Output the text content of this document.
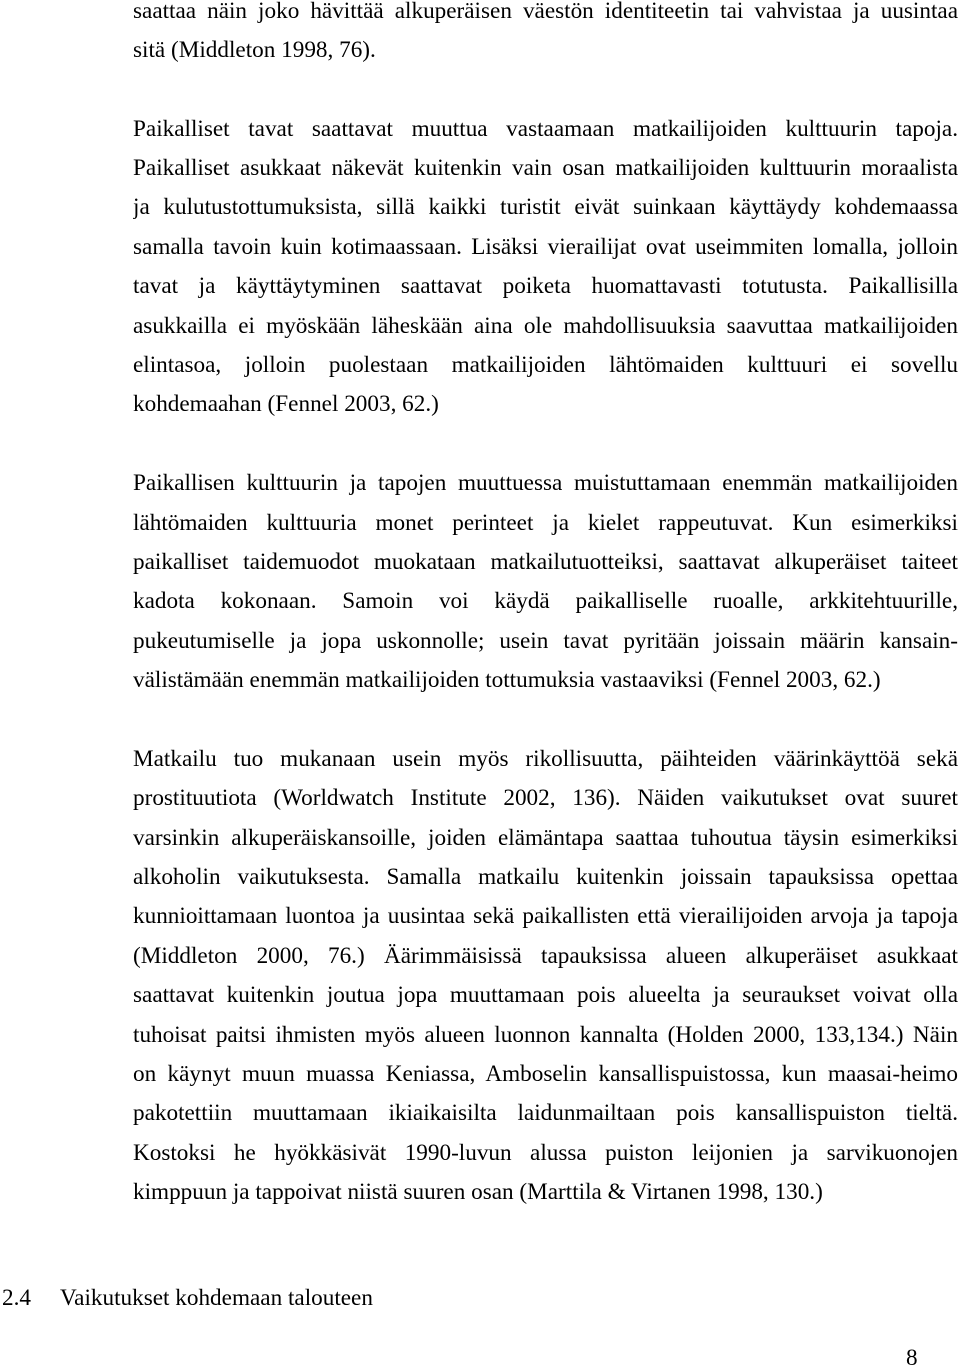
saattaa näin joko hävittää alkuperäisen väestön identiteetin tai vahvistaa ja uusintaa
sitä (Middleton 1998, 76).
Paikalliset tavat saattavat muuttua vastaamaan matkailijoiden kulttuurin tapoja.
Paikalliset asukkaat näkevät kuitenkin vain osan matkailijoiden kulttuurin moraalista
ja kulutustottumuksista, sillä kaikki turistit eivät suinkaan käyttäydy kohdemaassa
samalla tavoin kuin kotimaassaan. Lisäksi vierailijat ovat useimmiten lomalla, jolloin
tavat ja käyttäytyminen saattavat poiketa huomattavasti totutusta. Paikallisilla
asukkailla ei myöskään läheskään aina ole mahdollisuuksia saavuttaa matkailijoiden
elintasoa, jolloin puolestaan matkailijoiden lähtömaiden kulttuuri ei sovellu
kohdemaahan (Fennel 2003, 62.)
Paikallisen kulttuurin ja tapojen muuttuessa muistuttamaan enemmän matkailijoiden
lähtömaiden kulttuuria monet perinteet ja kielet rappeutuvat. Kun esimerkiksi
paikalliset taidemuodot muokataan matkailutuotteiksi, saattavat alkuperäiset taiteet
kadota kokonaan. Samoin voi käydä paikalliselle ruoalle, arkkitehtuurille,
pukeutumiselle ja jopa uskonnolle; usein tavat pyritään joissain määrin kansain-
välistämään enemmän matkailijoiden tottumuksia vastaaviksi (Fennel 2003, 62.)
Matkailu tuo mukanaan usein myös rikollisuutta, päihteiden väärinkäyttöä sekä
prostituutiota (Worldwatch Institute 2002, 136). Näiden vaikutukset ovat suuret
varsinkin alkuperäiskansoille, joiden elämäntapa saattaa tuhoutua täysin esimerkiksi
alkoholin vaikutuksesta. Samalla matkailu kuitenkin joissain tapauksissa opettaa
kunnioittamaan luontoa ja uusintaa sekä paikallisten että vierailijoiden arvoja ja tapoja
(Middleton 2000, 76.) Äärimmäisissä tapauksissa alueen alkuperäiset asukkaat
saattavat kuitenkin joutua jopa muuttamaan pois alueelta ja seuraukset voivat olla
tuhoisat paitsi ihmisten myös alueen luonnon kannalta (Holden 2000, 133,134.) Näin
on käynyt muun muassa Keniassa, Amboselin kansallispuistossa, kun maasai-heimo
pakotettiin muuttamaan ikiaikaisilta laidunmailtaan pois kansallispuiston tieltä.
Kostoksi he hyökkäsivät 1990-luvun alussa puiston leijonien ja sarvikuonojen
kimppuun ja tappoivat niistä suuren osan (Marttila & Virtanen 1998, 130.)
2.4 Vaikutukset kohdemaan talouteen
8
